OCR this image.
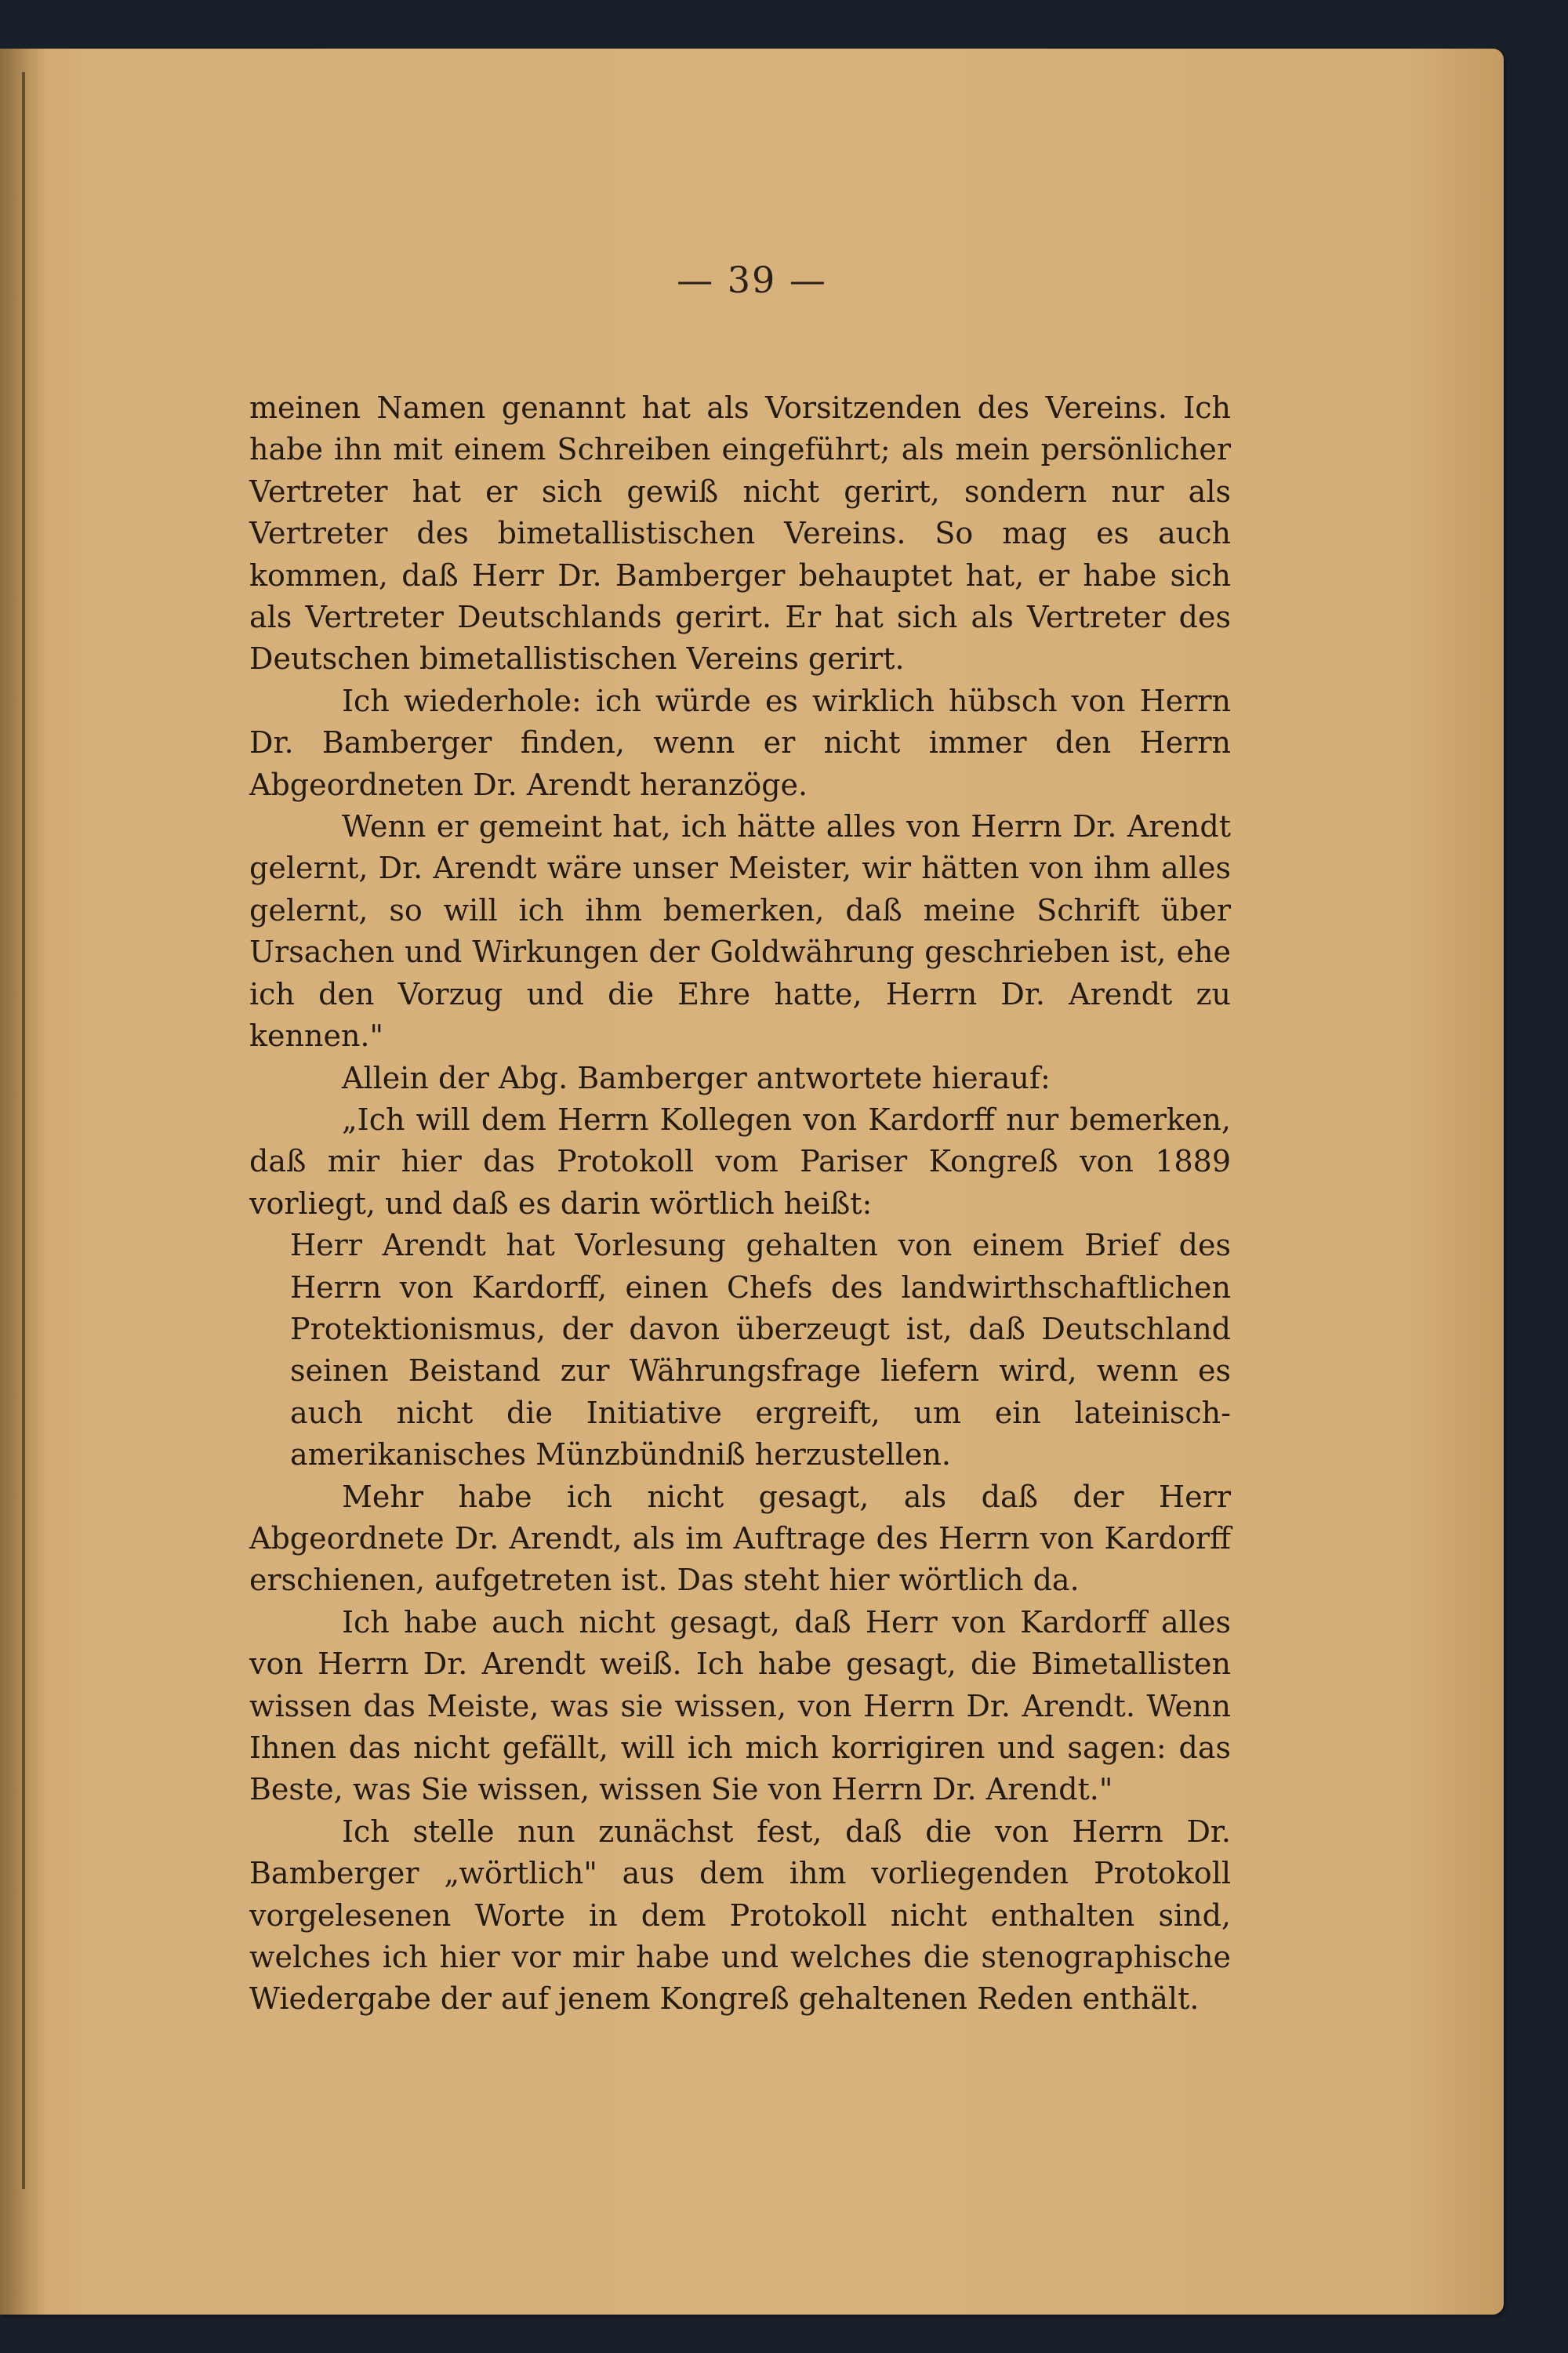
— 39 —

meinen Namen genannt hat als Vorsitzenden des Vereins. Ich habe ihn mit einem Schreiben eingeführt; als mein persönlicher Vertreter hat er sich gewiß nicht gerirt, sondern nur als Vertreter des bimetallistischen Vereins. So mag es auch kommen, daß Herr Dr. Bamberger behauptet hat, er habe sich als Vertreter Deutschlands gerirt. Er hat sich als Vertreter des Deutschen bimetallistischen Vereins gerirt.

Ich wiederhole: ich würde es wirklich hübsch von Herrn Dr. Bamberger finden, wenn er nicht immer den Herrn Abgeordneten Dr. Arendt heranzöge.

Wenn er gemeint hat, ich hätte alles von Herrn Dr. Arendt gelernt, Dr. Arendt wäre unser Meister, wir hätten von ihm alles gelernt, so will ich ihm bemerken, daß meine Schrift über Ursachen und Wirkungen der Goldwährung geschrieben ist, ehe ich den Vorzug und die Ehre hatte, Herrn Dr. Arendt zu kennen."

Allein der Abg. Bamberger antwortete hierauf:

„Ich will dem Herrn Kollegen von Kardorff nur bemerken, daß mir hier das Protokoll vom Pariser Kongreß von 1889 vorliegt, und daß es darin wörtlich heißt:

Herr Arendt hat Vorlesung gehalten von einem Brief des Herrn von Kardorff, einen Chefs des landwirthschaftlichen Protektionismus, der davon überzeugt ist, daß Deutschland seinen Beistand zur Währungsfrage liefern wird, wenn es auch nicht die Initiative ergreift, um ein lateinisch-amerikanisches Münzbündniß herzustellen.

Mehr habe ich nicht gesagt, als daß der Herr Abgeordnete Dr. Arendt, als im Auftrage des Herrn von Kardorff erschienen, aufgetreten ist. Das steht hier wörtlich da.

Ich habe auch nicht gesagt, daß Herr von Kardorff alles von Herrn Dr. Arendt weiß. Ich habe gesagt, die Bimetallisten wissen das Meiste, was sie wissen, von Herrn Dr. Arendt. Wenn Ihnen das nicht gefällt, will ich mich korrigiren und sagen: das Beste, was Sie wissen, wissen Sie von Herrn Dr. Arendt."

Ich stelle nun zunächst fest, daß die von Herrn Dr. Bamberger „wörtlich" aus dem ihm vorliegenden Protokoll vorgelesenen Worte in dem Protokoll nicht enthalten sind, welches ich hier vor mir habe und welches die stenographische Wiedergabe der auf jenem Kongreß gehaltenen Reden enthält.
